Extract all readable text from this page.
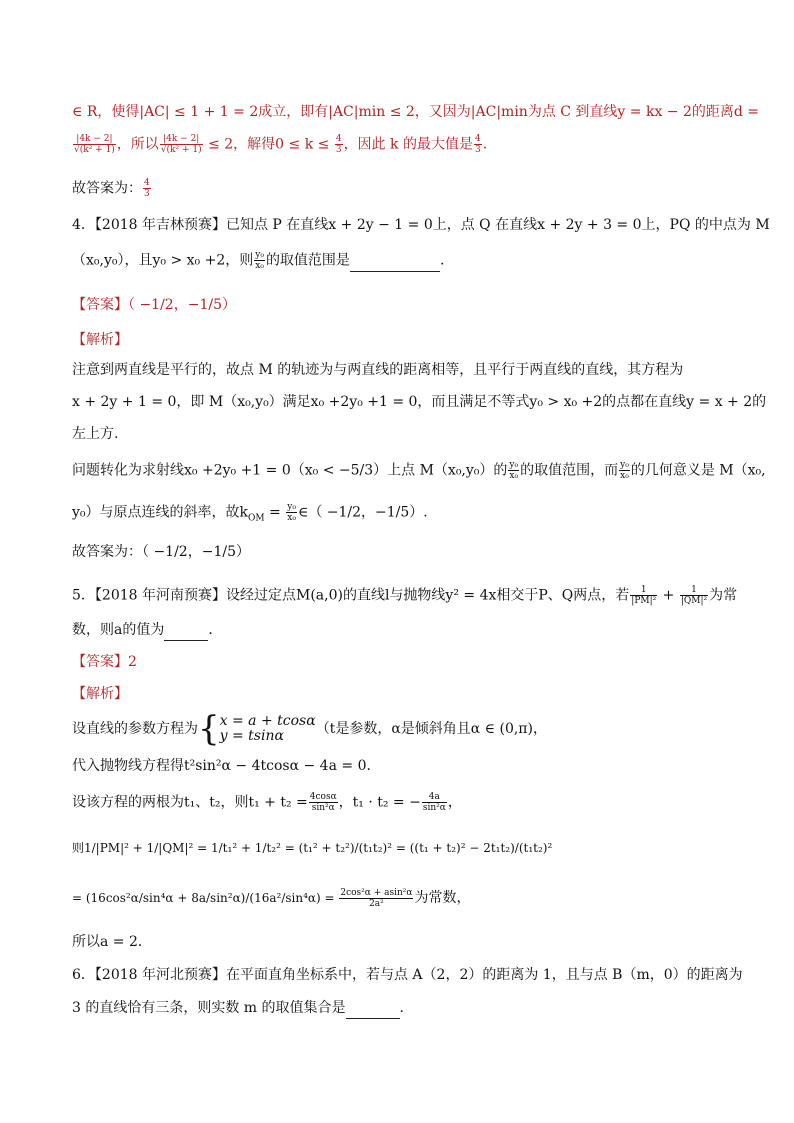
∈ R，使得|AC| ≤ 1 + 1 = 2成立，即有|AC|min ≤ 2，又因为|AC|min为点 C 到直线y = kx − 2的距离d =
$\frac{|4k - 2|}{\text{√(k² + 1)}}$ ，所以 $\frac{|4k - 2|}{\text{√(k² + 1)}} \le 2$，解得$0 \le k \le \frac{4}{3}$ ，因此 k 的最大值是 $\frac{4}{3}$ .
故答案为： $\frac{4}{3}$
4．【2018 年吉林预赛】已知点 P 在直线x + 2y − 1 = 0上，点 Q 在直线x + 2y + 3 = 0上，PQ 的中点为 M
（x₀,y₀），且y₀ > x₀ +2，则 $\frac{\text{y₀}}{\text{x₀}}$ 的取值范围是	.
【答案】（ −1/2，−1/5）
【解析】
注意到两直线是平行的，故点 M 的轨迹为与两直线的距离相等，且平行于两直线的直线，其方程为
x + 2y + 1 = 0，即 M（x₀,y₀）满足x₀ +2y₀ +1 = 0，而且满足不等式y₀ > x₀ +2的点都在直线y = x + 2的
左上方.
问题转化为求射线x₀ +2y₀ +1 = 0（x₀ < −5/3）上点 M（x₀,y₀）的 $\frac{\text{y₀}}{\text{x₀}}$ 的取值范围，而 $\frac{\text{y₀}}{\text{x₀}}$ 的几何意义是 M（x₀,
y₀）与原点连线的斜率，故$k_{OM} = \frac{\text{y₀}}{\text{x₀}}$ ∈（ −1/2，−1/5）.
故答案为：（ −1/2，−1/5）
5．【2018 年河南预赛】设经过定点M(a,0)的直线l与抛物线y² = 4x相交于P、Q两点，若 $\frac{1}{\text{|PM|²}} + \frac{1}{\text{|QM|²}}$ 为常
数，则a的值为	．
【答案】2
【解析】
设直线的参数方程为{ x = a + tcosα
y = tsinα	（t是参数，α是倾斜角且α ∈ (0,π)，
代入抛物线方程得t²sin²α − 4tcosα − 4a = 0．
设该方程的两根为t₁、t₂，则$t_1 + t_2 = \frac{4\cos\alpha}{\text{sin²α}}$ ，t₁ · t₂ = − $\frac{4a}{\text{sin²α}}$ ，
则1/|PM|² + 1/|QM|² = 1/t₁² + 1/t₂² = (t₁² + t₂²)/(t₁t₂)² = ((t₁ + t₂)² − 2t₁t₂)/(t₁t₂)²
= $(16\cos^2\alpha/\sin^4\alpha + 8a/\sin^2\alpha)/(16a^2/\sin^4\alpha) = \frac{\text{2cos²α + asin²α}}{\text{2a²}}$ 为常数，
所以a = 2．
6．【2018 年河北预赛】在平面直角坐标系中，若与点 A（2，2）的距离为 1，且与点 B（m，0）的距离为
3 的直线恰有三条，则实数 m 的取值集合是	.
